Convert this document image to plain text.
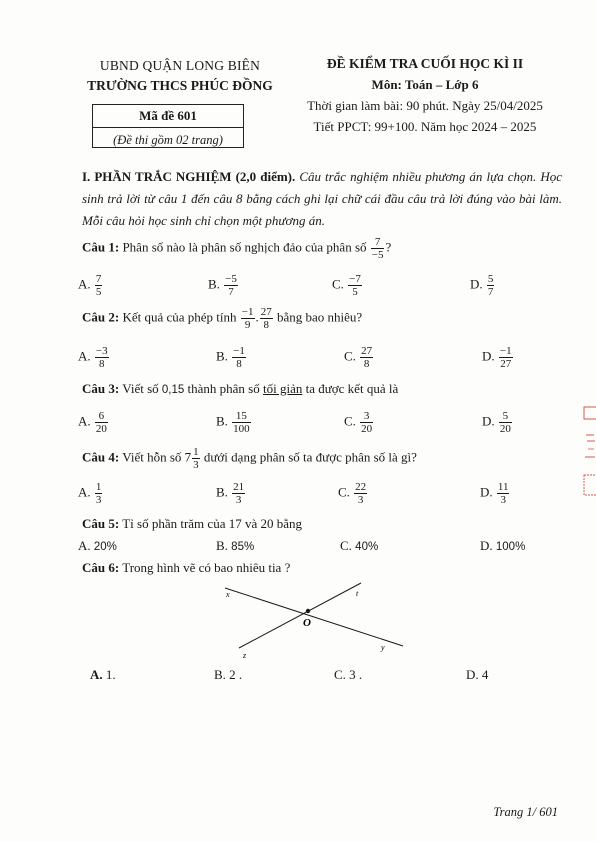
UBND QUẬN LONG BIÊN
TRƯỜNG THCS PHÚC ĐỒNG
Mã đề 601
(Đề thi gồm 02 trang)
ĐỀ KIỂM TRA CUỐI HỌC KÌ II
Môn: Toán – Lớp 6
Thời gian làm bài: 90 phút. Ngày 25/04/2025
Tiết PPCT: 99+100. Năm học 2024 – 2025
I. PHẦN TRẮC NGHIỆM (2,0 điểm). Câu trắc nghiệm nhiều phương án lựa chọn. Học sinh trả lời từ câu 1 đến câu 8 bằng cách ghi lại chữ cái đầu câu trả lời đúng vào bài làm. Mỗi câu hỏi học sinh chỉ chọn một phương án.
Câu 1: Phân số nào là phân số nghịch đảo của phân số $\frac{7}{-5}$ ?
A. $\frac{7}{5}$	B. $\frac{-5}{7}$	C. $\frac{-7}{5}$	D. $\frac{5}{7}$
Câu 2: Kết quả của phép tính $\frac{-1}{9}$ . $\frac{27}{8}$ bằng bao nhiêu?
A. $\frac{-3}{8}$	B. $\frac{-1}{8}$	C. $\frac{27}{8}$	D. $\frac{-1}{27}$
Câu 3: Viết số 0,15 thành phân số tối giản ta được kết quả là
A. $\frac{6}{20}$	B. $\frac{15}{100}$	C. $\frac{3}{20}$	D. $\frac{5}{20}$
Câu 4: Viết hỗn số $7 \frac{1}{3}$ dưới dạng phân số ta được phân số là gì?
A. $\frac{1}{3}$	B. $\frac{21}{3}$	C. $\frac{22}{3}$	D. $\frac{11}{3}$
Câu 5: Tỉ số phần trăm của 17 và 20 bằng
A. 20%	B. 85%	C. 40%	D. 100%
Câu 6: Trong hình vẽ có bao nhiêu tia ?
x	t
z
y
O
A. 1.	B. 2 .	C. 3 .	D. 4
Trang 1/ 601
